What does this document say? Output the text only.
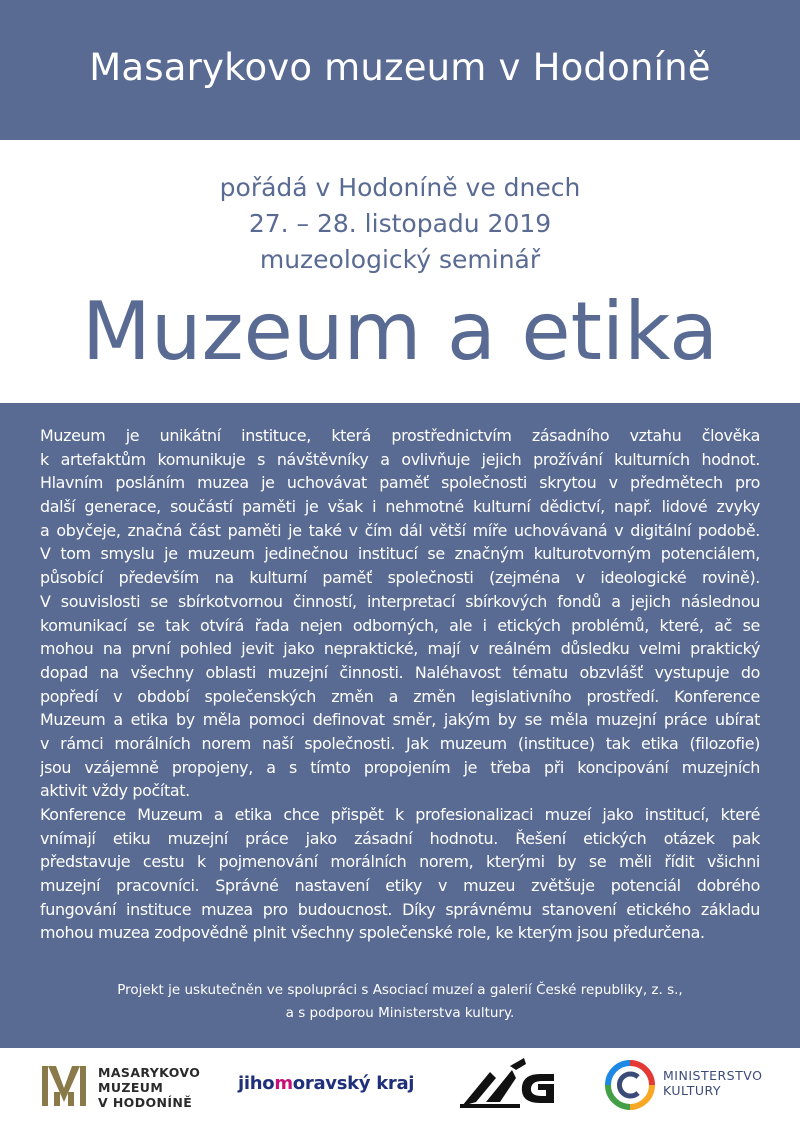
Masarykovo muzeum v Hodoníně
pořádá v Hodoníně ve dnech
27. – 28. listopadu 2019
muzeologický seminář
Muzeum a etika
Muzeum je unikátní instituce, která prostřednictvím zásadního vztahu člověka
k artefaktům komunikuje s návštěvníky a ovlivňuje jejich prožívání kulturních hodnot.
Hlavním posláním muzea je uchovávat paměť společnosti skrytou v předmětech pro
další generace, součástí paměti je však i nehmotné kulturní dědictví, např. lidové zvyky
a obyčeje, značná část paměti je také v čím dál větší míře uchovávaná v digitální podobě.
V tom smyslu je muzeum jedinečnou institucí se značným kulturotvorným potenciálem,
působící především na kulturní paměť společnosti (zejména v ideologické rovině).
V souvislosti se sbírkotvornou činností, interpretací sbírkových fondů a jejich následnou
komunikací se tak otvírá řada nejen odborných, ale i etických problémů, které, ač se
mohou na první pohled jevit jako nepraktické, mají v reálném důsledku velmi praktický
dopad na všechny oblasti muzejní činnosti. Naléhavost tématu obzvlášť vystupuje do
popředí v období společenských změn a změn legislativního prostředí. Konference
Muzeum a etika by měla pomoci definovat směr, jakým by se měla muzejní práce ubírat
v rámci morálních norem naší společnosti. Jak muzeum (instituce) tak etika (filozofie)
jsou vzájemně propojeny, a s tímto propojením je třeba při koncipování muzejních
aktivit vždy počítat.
Konference Muzeum a etika chce přispět k profesionalizaci muzeí jako institucí, které
vnímají etiku muzejní práce jako zásadní hodnotu. Řešení etických otázek pak
představuje cestu k pojmenování morálních norem, kterými by se měli řídit všichni
muzejní pracovníci. Správné nastavení etiky v muzeu zvětšuje potenciál dobrého
fungování instituce muzea pro budoucnost. Díky správnému stanovení etického základu
mohou muzea zodpovědně plnit všechny společenské role, ke kterým jsou předurčena.
Projekt je uskutečněn ve spolupráci s Asociací muzeí a galerií České republiky, z. s.,
a s podporou Ministerstva kultury.
MASARYKOVO
MUZEUM
V HODONÍNĚ
jihomoravský kraj	MINISTERSTVO
KULTURY
